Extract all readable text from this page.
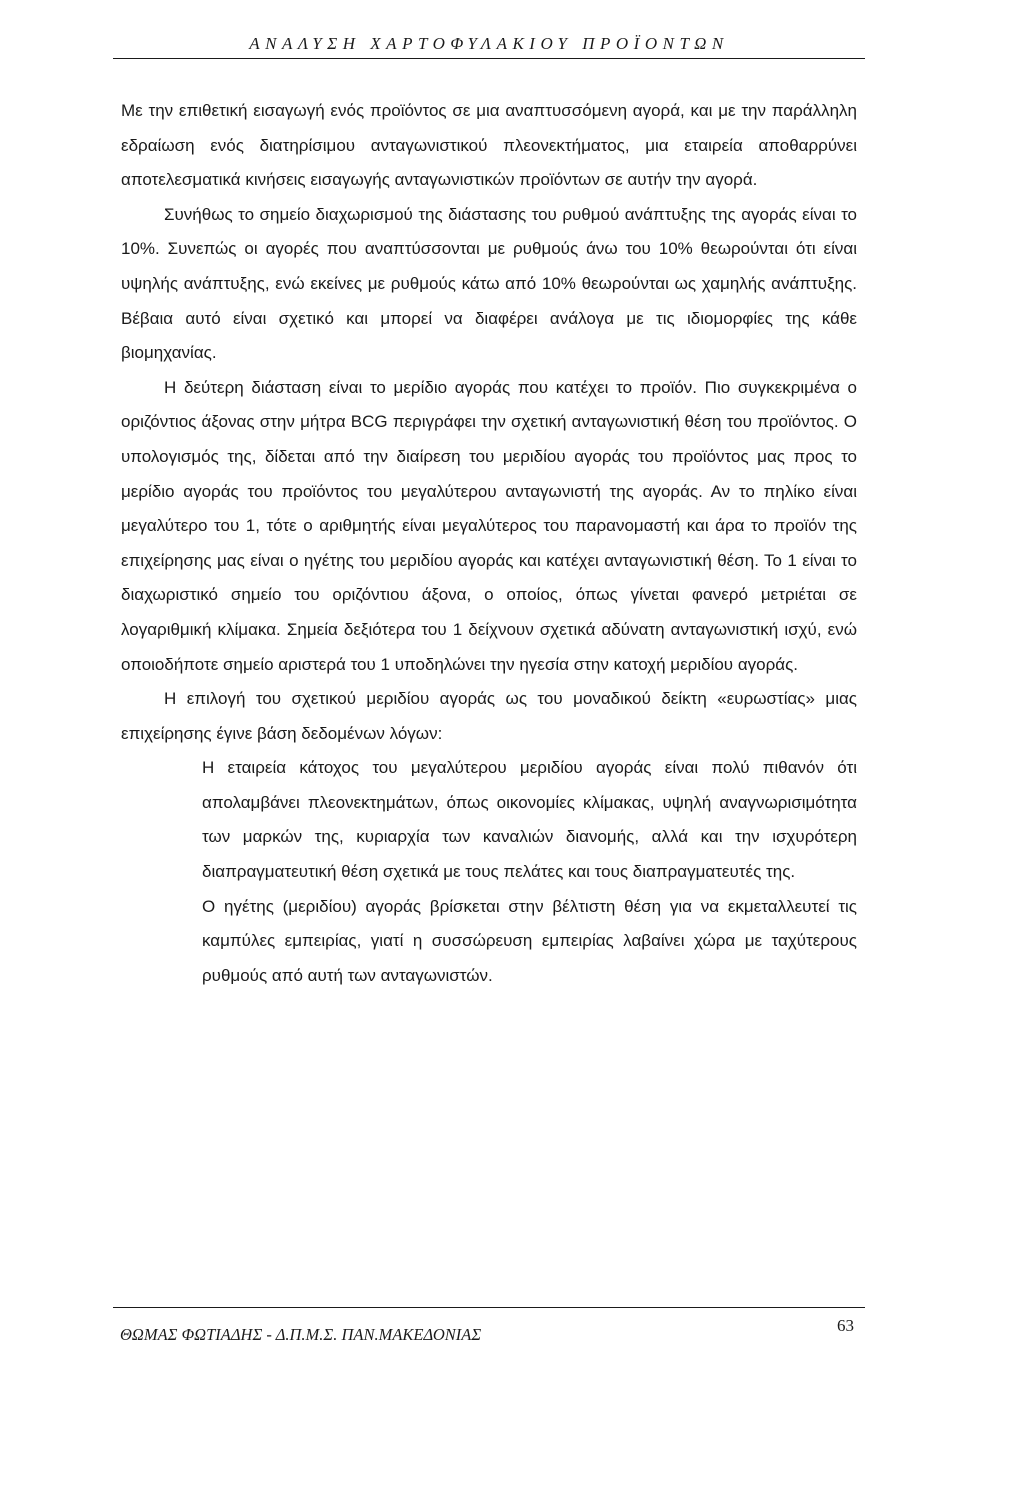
ΑΝΑΛΥΣΗ ΧΑΡΤΟΦΥΛΑΚΙΟΥ ΠΡΟΪΟΝΤΩΝ

Με την επιθετική εισαγωγή ενός προϊόντος σε μια αναπτυσσόμενη αγορά, και με την παράλληλη εδραίωση ενός διατηρίσιμου ανταγωνιστικού πλεονεκτήματος, μια εταιρεία αποθαρρύνει αποτελεσματικά κινήσεις εισαγωγής ανταγωνιστικών προϊόντων σε αυτήν την αγορά.

Συνήθως το σημείο διαχωρισμού της διάστασης του ρυθμού ανάπτυξης της αγοράς είναι το 10%. Συνεπώς οι αγορές που αναπτύσσονται με ρυθμούς άνω του 10% θεωρούνται ότι είναι υψηλής ανάπτυξης, ενώ εκείνες με ρυθμούς κάτω από 10% θεωρούνται ως χαμηλής ανάπτυξης. Βέβαια αυτό είναι σχετικό και μπορεί να διαφέρει ανάλογα με τις ιδιομορφίες της κάθε βιομηχανίας.

Η δεύτερη διάσταση είναι το μερίδιο αγοράς που κατέχει το προϊόν. Πιο συγκεκριμένα ο οριζόντιος άξονας στην μήτρα BCG περιγράφει την σχετική ανταγωνιστική θέση του προϊόντος. Ο υπολογισμός της, δίδεται από την διαίρεση του μεριδίου αγοράς του προϊόντος μας προς το μερίδιο αγοράς του προϊόντος του μεγαλύτερου ανταγωνιστή της αγοράς. Αν το πηλίκο είναι μεγαλύτερο του 1, τότε ο αριθμητής είναι μεγαλύτερος του παρανομαστή και άρα το προϊόν της επιχείρησης μας είναι ο ηγέτης του μεριδίου αγοράς και κατέχει ανταγωνιστική θέση. Το 1 είναι το διαχωριστικό σημείο του οριζόντιου άξονα, ο οποίος, όπως γίνεται φανερό μετριέται σε λογαριθμική κλίμακα. Σημεία δεξιότερα του 1 δείχνουν σχετικά αδύνατη ανταγωνιστική ισχύ, ενώ οποιοδήποτε σημείο αριστερά του 1 υποδηλώνει την ηγεσία στην κατοχή μεριδίου αγοράς.

Η επιλογή του σχετικού μεριδίου αγοράς ως του μοναδικού δείκτη «ευρωστίας» μιας επιχείρησης έγινε βάση δεδομένων λόγων:

Η εταιρεία κάτοχος του μεγαλύτερου μεριδίου αγοράς είναι πολύ πιθανόν ότι απολαμβάνει πλεονεκτημάτων, όπως οικονομίες κλίμακας, υψηλή αναγνωρισιμότητα των μαρκών της, κυριαρχία των καναλιών διανομής, αλλά και την ισχυρότερη διαπραγματευτική θέση σχετικά με τους πελάτες και τους διαπραγματευτές της.

Ο ηγέτης (μεριδίου) αγοράς βρίσκεται στην βέλτιστη θέση για να εκμεταλλευτεί τις καμπύλες εμπειρίας, γιατί η συσσώρευση εμπειρίας λαβαίνει χώρα με ταχύτερους ρυθμούς από αυτή των ανταγωνιστών.

ΘΩΜΑΣ ΦΩΤΙΑΔΗΣ - Δ.Π.Μ.Σ. ΠΑΝ.ΜΑΚΕΔΟΝΙΑΣ	63
